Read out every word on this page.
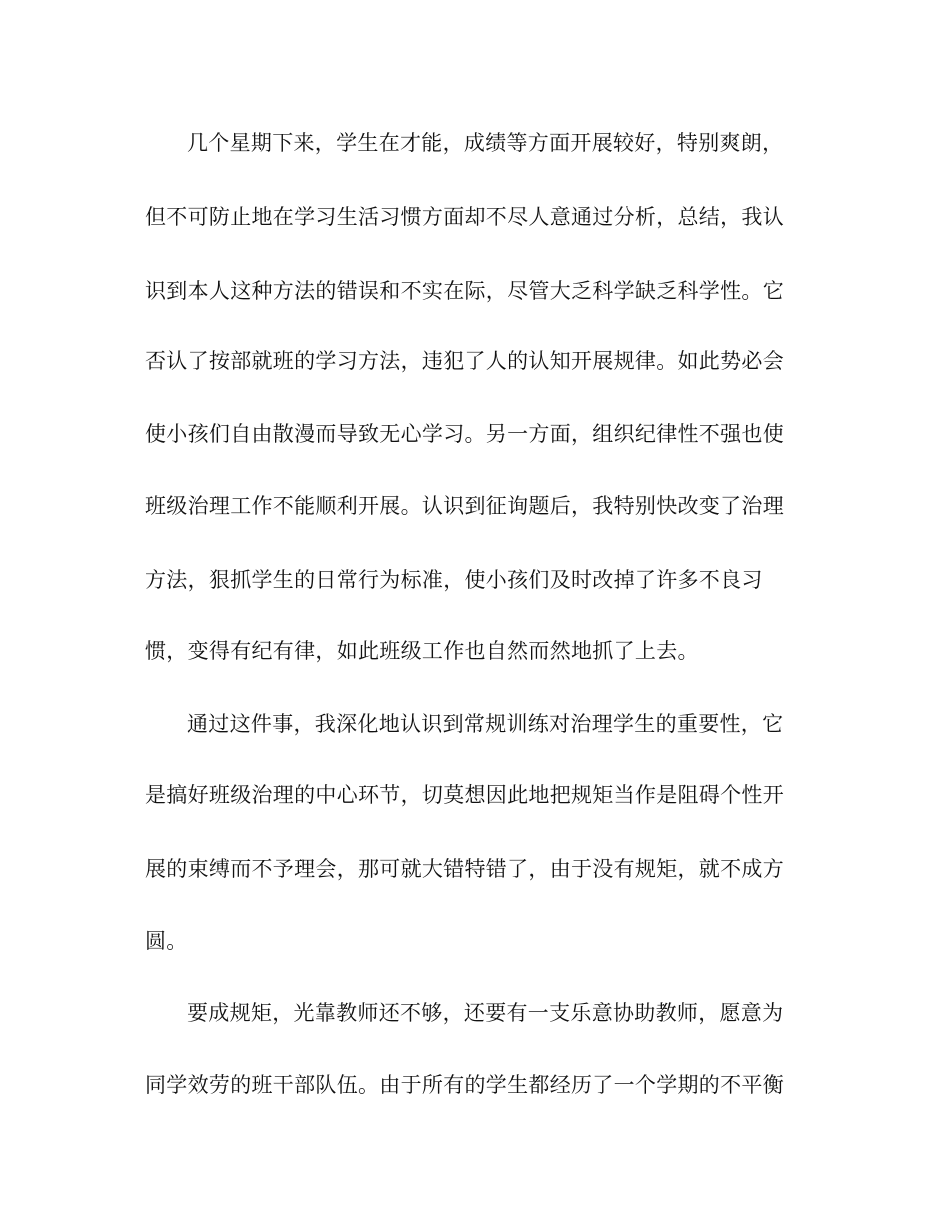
几个星期下来，学生在才能，成绩等方面开展较好，特别爽朗，
但不可防止地在学习生活习惯方面却不尽人意通过分析，总结，我认
识到本人这种方法的错误和不实在际，尽管大乏科学缺乏科学性。它
否认了按部就班的学习方法，违犯了人的认知开展规律。如此势必会
使小孩们自由散漫而导致无心学习。另一方面，组织纪律性不强也使
班级治理工作不能顺利开展。认识到征询题后，我特别快改变了治理
方法，狠抓学生的日常行为标准，使小孩们及时改掉了许多不良习
惯，变得有纪有律，如此班级工作也自然而然地抓了上去。
通过这件事，我深化地认识到常规训练对治理学生的重要性，它
是搞好班级治理的中心环节，切莫想因此地把规矩当作是阻碍个性开
展的束缚而不予理会，那可就大错特错了，由于没有规矩，就不成方
圆。
要成规矩，光靠教师还不够，还要有一支乐意协助教师，愿意为
同学效劳的班干部队伍。由于所有的学生都经历了一个学期的不平衡
